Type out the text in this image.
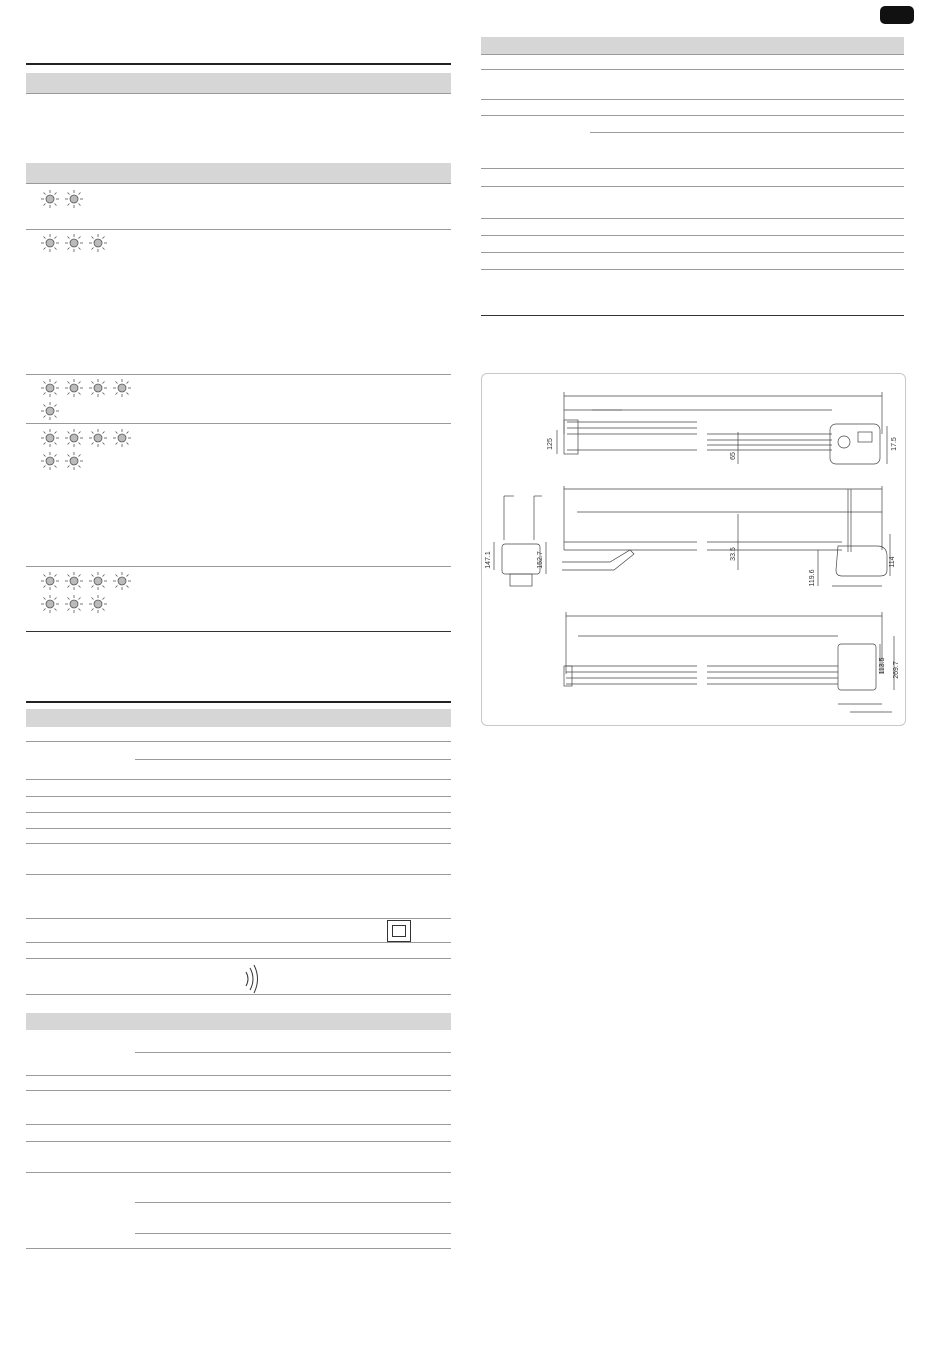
125
65
17.5
147.1	152.7	33.5
119.6
114
113.5 269.7
